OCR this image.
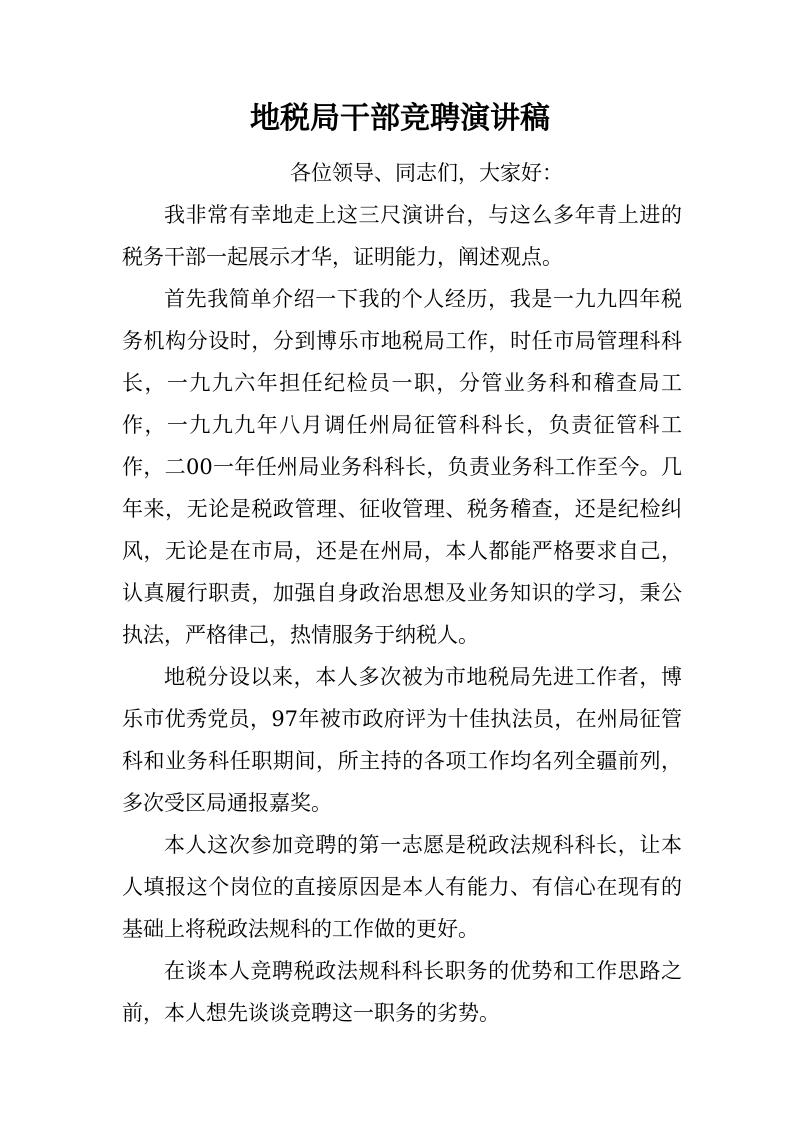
地税局干部竞聘演讲稿

各位领导、同志们，大家好：

我非常有幸地走上这三尺演讲台，与这么多年青上进的税务干部一起展示才华，证明能力，阐述观点。

首先我简单介绍一下我的个人经历，我是一九九四年税务机构分设时，分到博乐市地税局工作，时任市局管理科科长，一九九六年担任纪检员一职，分管业务科和稽查局工作，一九九九年八月调任州局征管科科长，负责征管科工作，二00一年任州局业务科科长，负责业务科工作至今。几年来，无论是税政管理、征收管理、税务稽查，还是纪检纠风，无论是在市局，还是在州局，本人都能严格要求自己，认真履行职责，加强自身政治思想及业务知识的学习，秉公执法，严格律己，热情服务于纳税人。

地税分设以来，本人多次被为市地税局先进工作者，博乐市优秀党员，97年被市政府评为十佳执法员，在州局征管科和业务科任职期间，所主持的各项工作均名列全疆前列，多次受区局通报嘉奖。

本人这次参加竞聘的第一志愿是税政法规科科长，让本人填报这个岗位的直接原因是本人有能力、有信心在现有的基础上将税政法规科的工作做的更好。

在谈本人竞聘税政法规科科长职务的优势和工作思路之前，本人想先谈谈竞聘这一职务的劣势。
